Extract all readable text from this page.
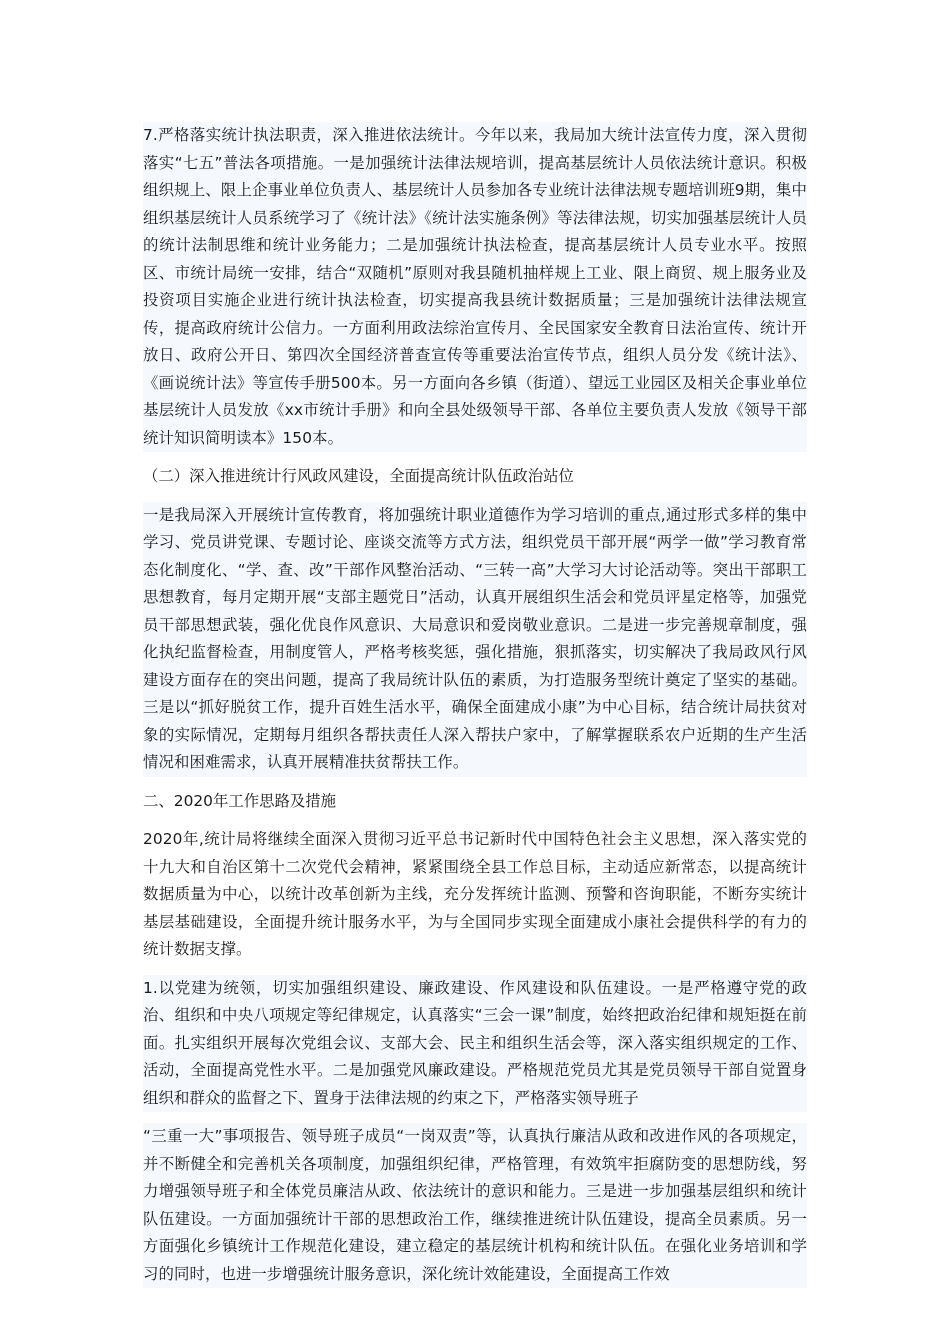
7.严格落实统计执法职责，深入推进依法统计。今年以来，我局加大统计法宣传力度，深入贯彻落实“七五”普法各项措施。一是加强统计法律法规培训，提高基层统计人员依法统计意识。积极组织规上、限上企事业单位负责人、基层统计人员参加各专业统计法律法规专题培训班9期，集中组织基层统计人员系统学习了《统计法》《统计法实施条例》等法律法规，切实加强基层统计人员的统计法制思维和统计业务能力；二是加强统计执法检查，提高基层统计人员专业水平。按照区、市统计局统一安排，结合“双随机”原则对我县随机抽样规上工业、限上商贸、规上服务业及投资项目实施企业进行统计执法检查，切实提高我县统计数据质量；三是加强统计法律法规宣传，提高政府统计公信力。一方面利用政法综治宣传月、全民国家安全教育日法治宣传、统计开放日、政府公开日、第四次全国经济普查宣传等重要法治宣传节点，组织人员分发《统计法》、《画说统计法》等宣传手册500本。另一方面向各乡镇（街道）、望远工业园区及相关企事业单位基层统计人员发放《xx市统计手册》和向全县处级领导干部、各单位主要负责人发放《领导干部统计知识简明读本》150本。

（二）深入推进统计行风政风建设，全面提高统计队伍政治站位

一是我局深入开展统计宣传教育，将加强统计职业道德作为学习培训的重点,通过形式多样的集中学习、党员讲党课、专题讨论、座谈交流等方式方法，组织党员干部开展“两学一做”学习教育常态化制度化、“学、查、改”干部作风整治活动、“三转一高”大学习大讨论活动等。突出干部职工思想教育，每月定期开展“支部主题党日”活动，认真开展组织生活会和党员评星定格等，加强党员干部思想武装，强化优良作风意识、大局意识和爱岗敬业意识。二是进一步完善规章制度，强化执纪监督检查，用制度管人，严格考核奖惩，强化措施，狠抓落实，切实解决了我局政风行风建设方面存在的突出问题，提高了我局统计队伍的素质，为打造服务型统计奠定了坚实的基础。三是以“抓好脱贫工作，提升百姓生活水平，确保全面建成小康”为中心目标，结合统计局扶贫对象的实际情况，定期每月组织各帮扶责任人深入帮扶户家中，了解掌握联系农户近期的生产生活情况和困难需求，认真开展精准扶贫帮扶工作。

二、2020年工作思路及措施

2020年,统计局将继续全面深入贯彻习近平总书记新时代中国特色社会主义思想，深入落实党的十九大和自治区第十二次党代会精神，紧紧围绕全县工作总目标，主动适应新常态，以提高统计数据质量为中心，以统计改革创新为主线，充分发挥统计监测、预警和咨询职能，不断夯实统计基层基础建设，全面提升统计服务水平，为与全国同步实现全面建成小康社会提供科学的有力的统计数据支撑。

1.以党建为统领，切实加强组织建设、廉政建设、作风建设和队伍建设。一是严格遵守党的政治、组织和中央八项规定等纪律规定，认真落实“三会一课”制度，始终把政治纪律和规矩挺在前面。扎实组织开展每次党组会议、支部大会、民主和组织生活会等，深入落实组织规定的工作、活动，全面提高党性水平。二是加强党风廉政建设。严格规范党员尤其是党员领导干部自觉置身组织和群众的监督之下、置身于法律法规的约束之下，严格落实领导班子

“三重一大”事项报告、领导班子成员“一岗双责”等，认真执行廉洁从政和改进作风的各项规定，并不断健全和完善机关各项制度，加强组织纪律，严格管理，有效筑牢拒腐防变的思想防线，努力增强领导班子和全体党员廉洁从政、依法统计的意识和能力。三是进一步加强基层组织和统计队伍建设。一方面加强统计干部的思想政治工作，继续推进统计队伍建设，提高全员素质。另一方面强化乡镇统计工作规范化建设，建立稳定的基层统计机构和统计队伍。在强化业务培训和学习的同时，也进一步增强统计服务意识，深化统计效能建设，全面提高工作效
